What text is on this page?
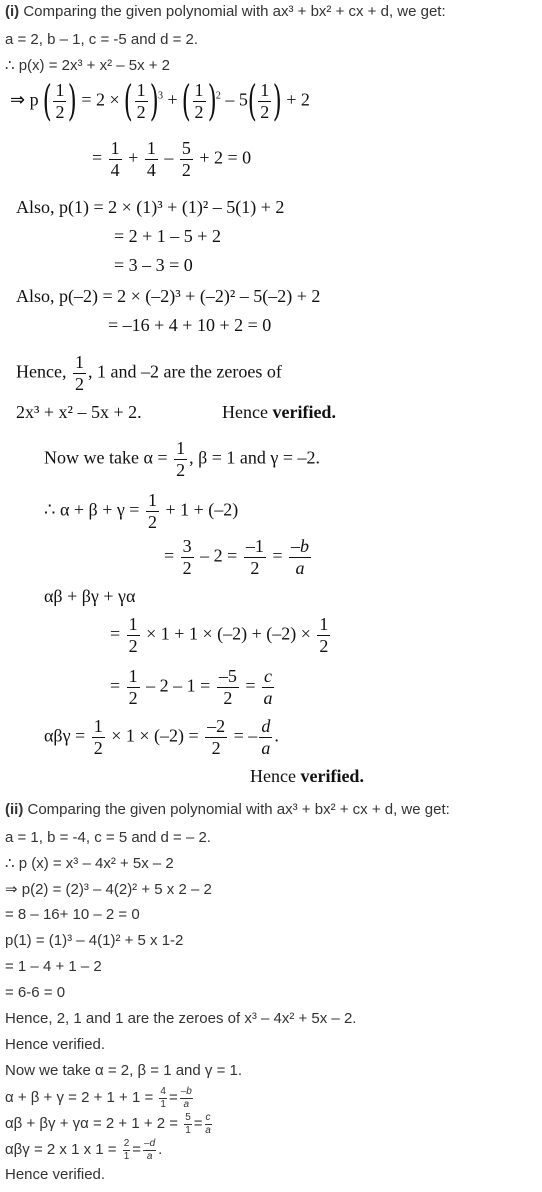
(i) Comparing the given polynomial with ax³ + bx² + cx + d, we get:
a = 2, b – 1, c = -5 and d = 2.
∴ p(x) = 2x³ + x² – 5x + 2
⇒ p ( $\frac{1}{2}$ ) = 2 × ( $\frac{1}{2} )^3$ + ( $\frac{1}{2} )^2 - 5( \frac{1}{2}$ ) + 2
= $\frac{1}{4} + \frac{1}{4} - \frac{5}{2} + 2 = 0$
Also, p(1) = 2 × (1)³ + (1)² – 5(1) + 2
= 2 + 1 – 5 + 2
= 3 – 3 = 0
Also, p(–2) = 2 × (–2)³ + (–2)² – 5(–2) + 2
= –16 + 4 + 10 + 2 = 0
Hence, $\frac{1}{2}$ , 1 and –2 are the zeroes of
2x³ + x² – 5x + 2.	Hence verified.
Now we take $\alpha = \frac{1}{2}$ , β = 1 and γ = –2.
∴ $\alpha + \beta + \gamma = \frac{1}{2} + 1 + (-2)$
= $\frac{3}{2} - 2 = \frac{-1}{2} = \frac{-b}{a}$
αβ + βγ + γα
= $\frac{1}{2} \times 1 + 1 \times (-2) + (-2) \times \frac{1}{2}$
= $\frac{1}{2} - 2 - 1 = \frac{-5}{2} = \frac{c}{a}$
$\alpha\beta\gamma = \frac{1}{2} \times 1 \times (-2) = \frac{-2}{2}$ = – $\frac{d}{a}$ .
Hence verified.
(ii) Comparing the given polynomial with ax³ + bx² + cx + d, we get:
a = 1, b = -4, c = 5 and d = – 2.
∴ p (x) = x³ – 4x² + 5x – 2
⇒ p(2) = (2)³ – 4(2)² + 5 x 2 – 2
= 8 – 16+ 10 – 2 = 0
p(1) = (1)³ – 4(1)² + 5 x 1-2
= 1 – 4 + 1 – 2
= 6-6 = 0
Hence, 2, 1 and 1 are the zeroes of x³ – 4x² + 5x – 2.
Hence verified.
Now we take α = 2, β = 1 and γ = 1.
$\alpha + \beta + \gamma = 2 + 1 + 1 = \frac{4}{1} = \frac{-b}{a}$
$\alpha\beta + \beta\gamma + \gamma\alpha = 2 + 1 + 2 = \frac{5}{1} = \frac{c}{a}$
αβγ = 2 x 1 x $1 = \frac{2}{1} = \frac{-d}{a}$ .
Hence verified.
